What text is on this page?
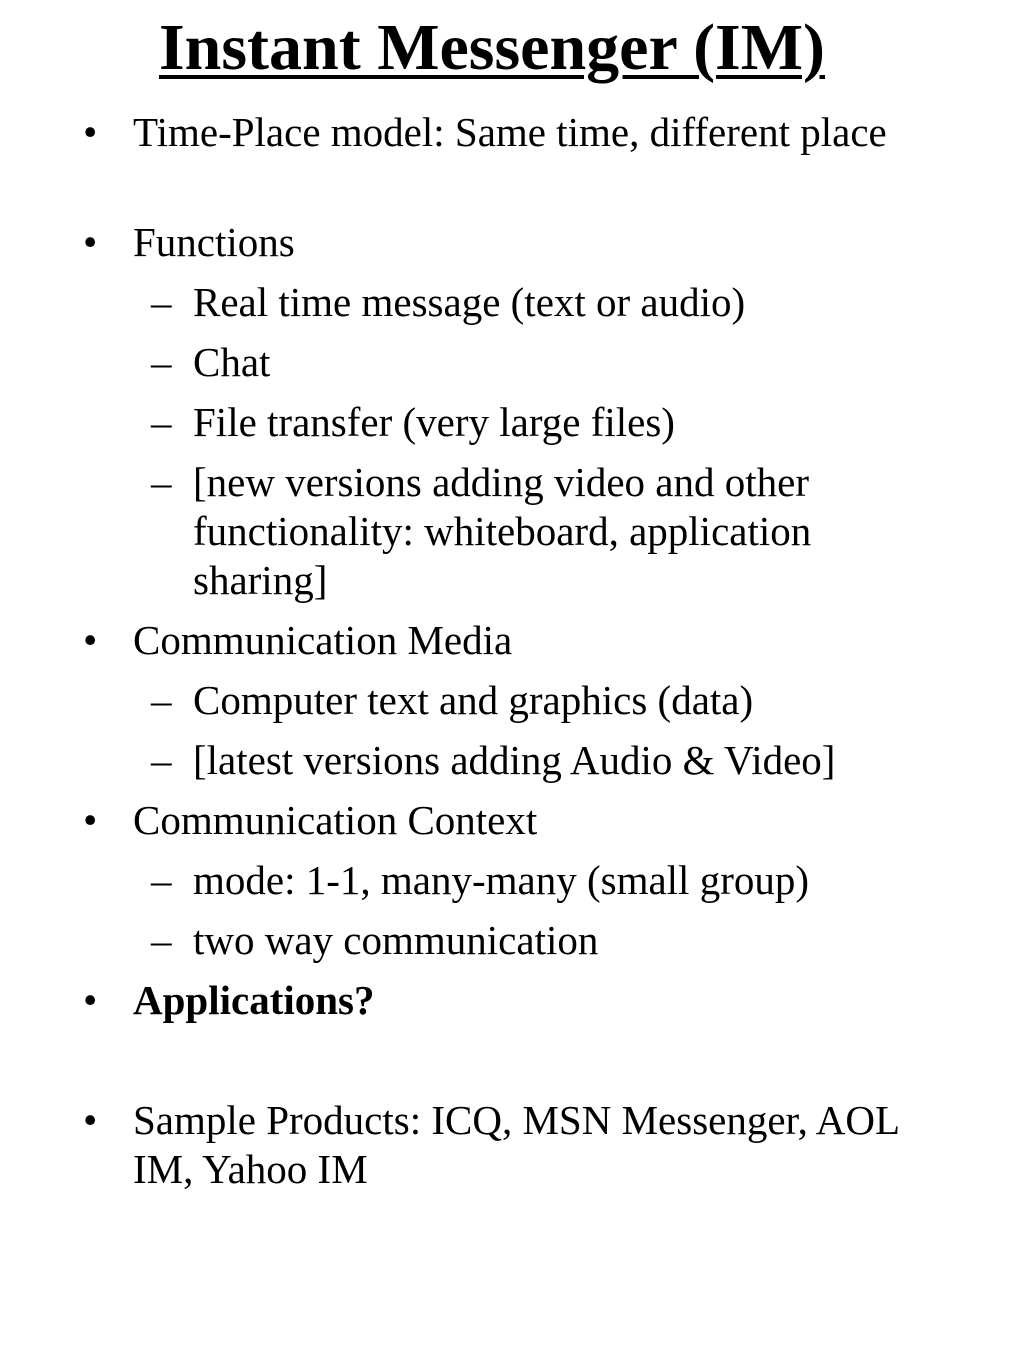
Instant Messenger (IM)
• Time-Place model: Same time, different place
• Functions
– Real time message (text or audio)
– Chat
– File transfer (very large files)
– [new versions adding video and other functionality: whiteboard, application sharing]
• Communication Media
– Computer text and graphics (data)
– [latest versions adding Audio & Video]
• Communication Context
– mode: 1-1, many-many (small group)
– two way communication
• Applications?
• Sample Products: ICQ, MSN Messenger, AOL IM, Yahoo IM
